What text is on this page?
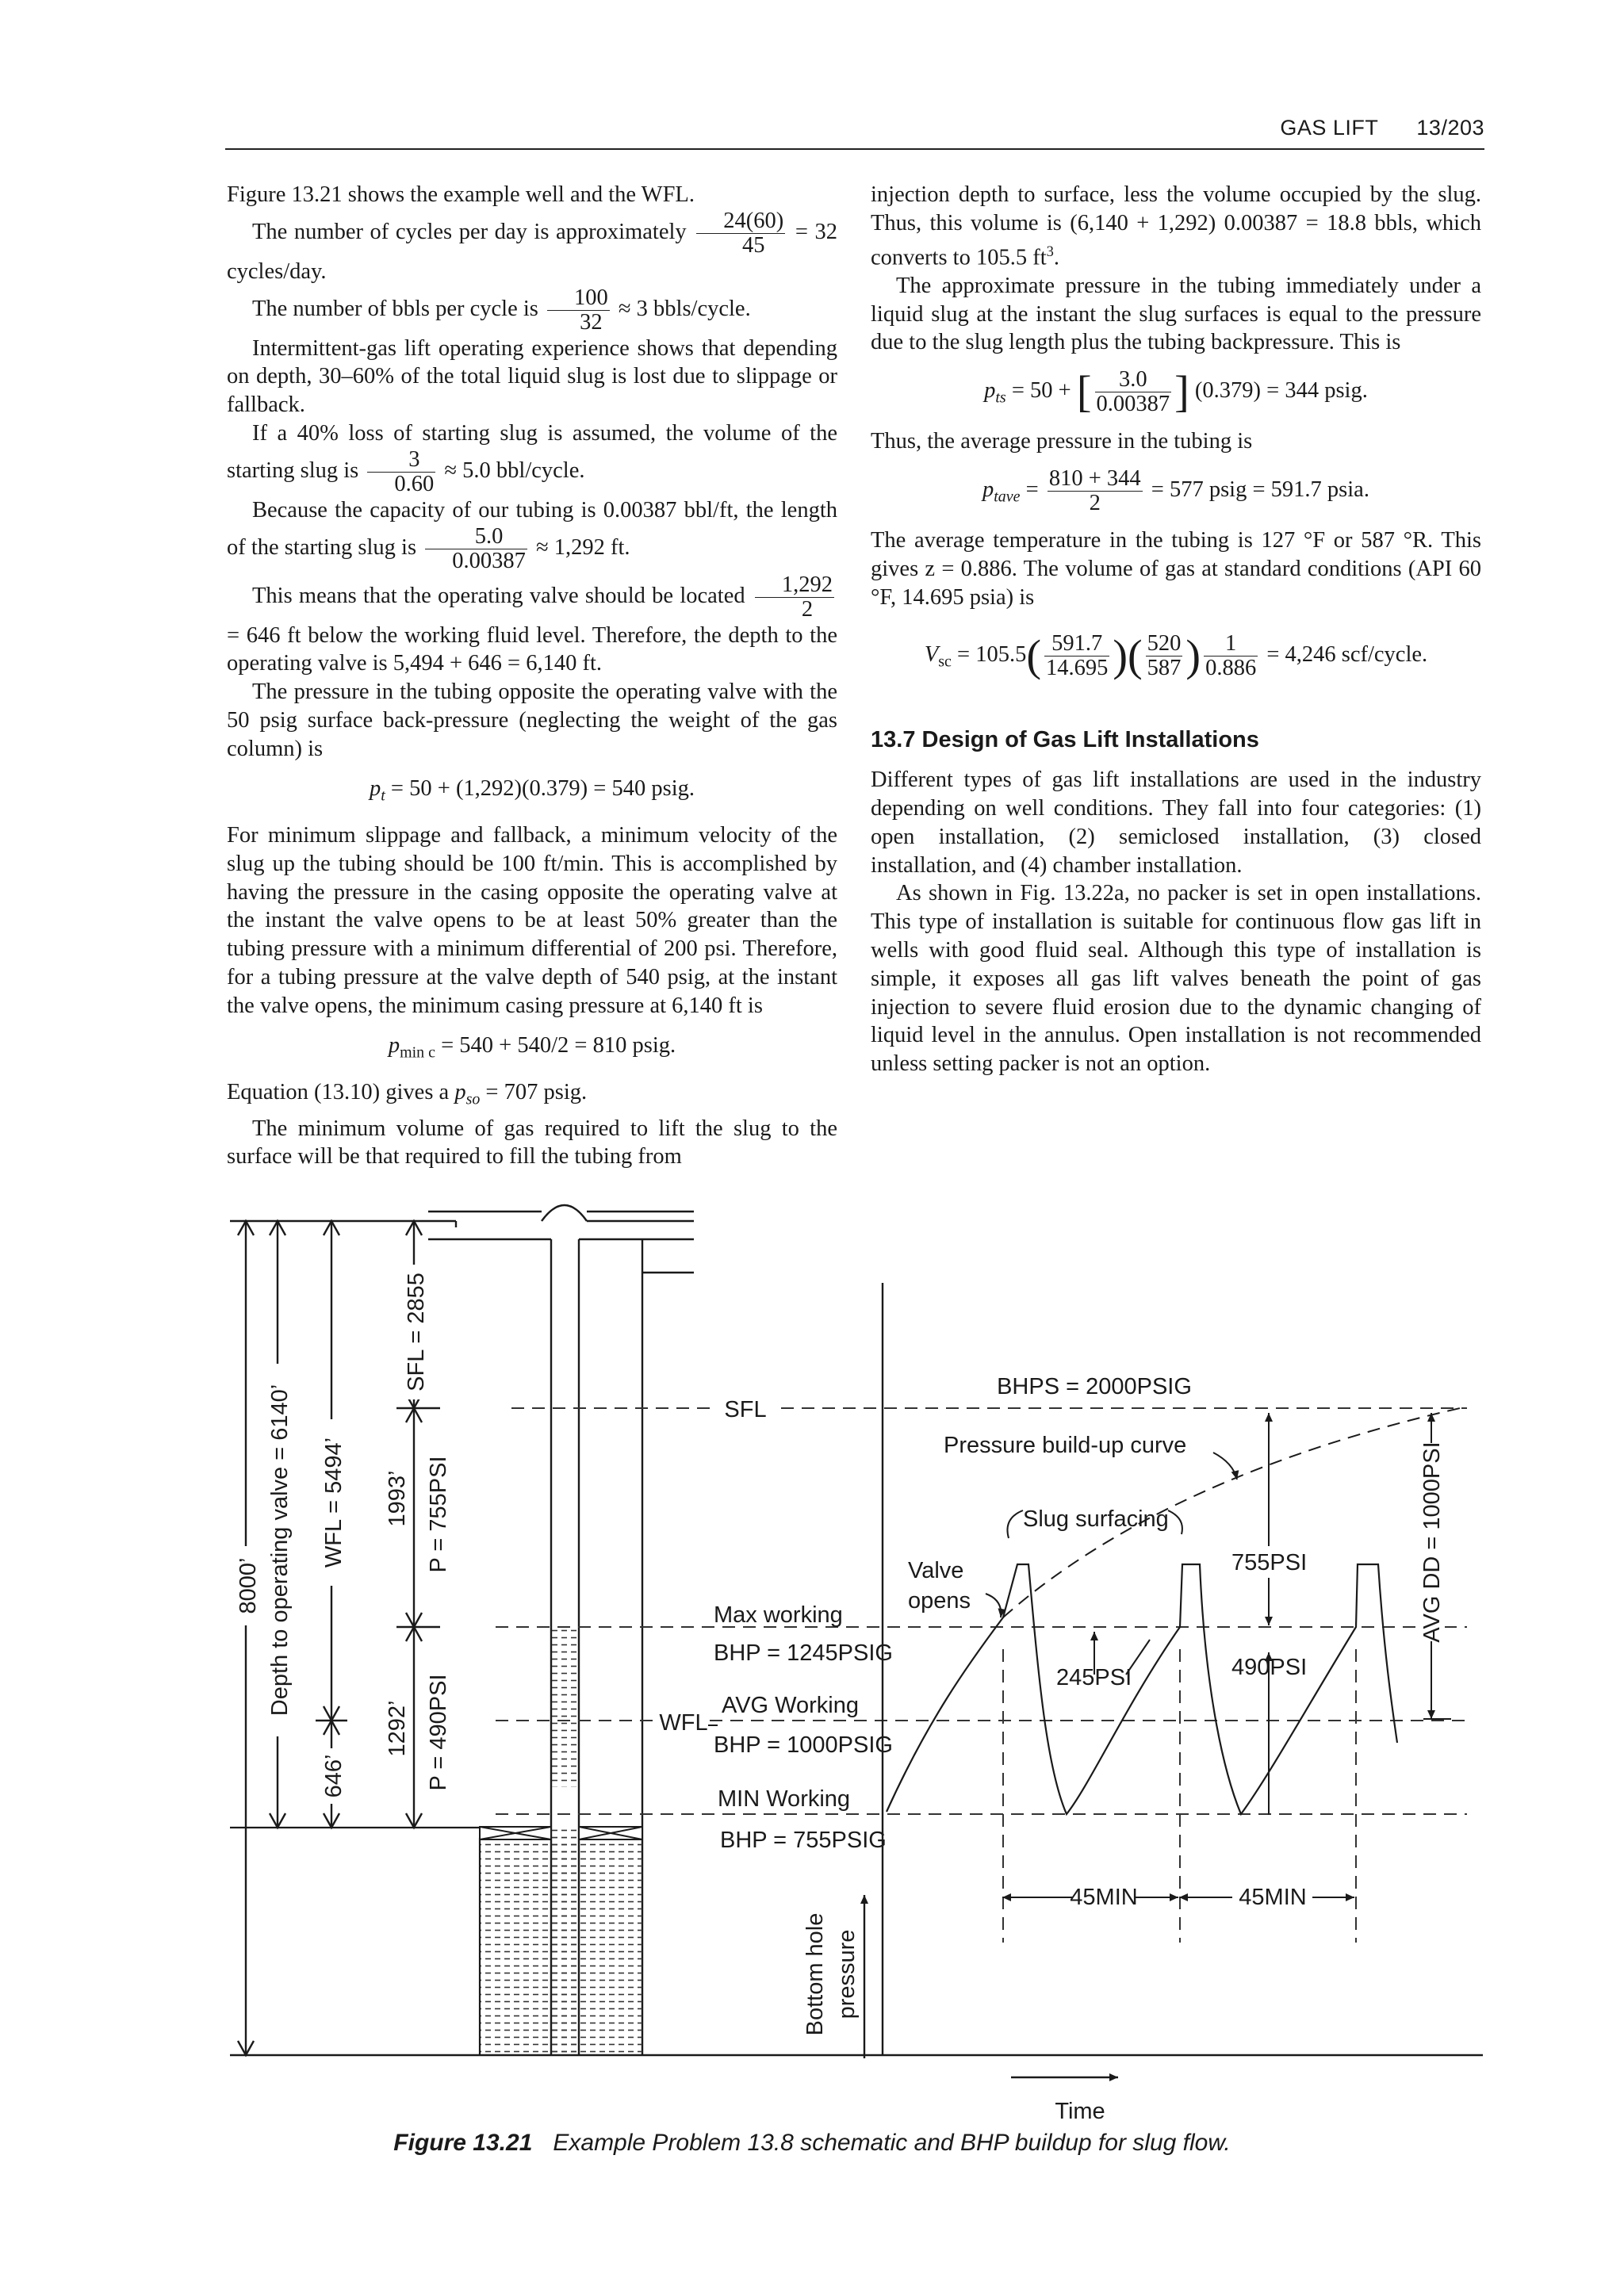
GAS LIFT 13/203

Figure 13.21 shows the example well and the WFL.

The number of cycles per day is approximately $\frac{24(60)}{45} = 32$ cycles/day.

The number of bbls per cycle is $\frac{100}{32} \approx 3$ bbls/cycle.

Intermittent-gas lift operating experience shows that depending on depth, 30–60% of the total liquid slug is lost due to slippage or fallback.

If a 40% loss of starting slug is assumed, the volume of the starting slug is $\frac{3}{0.60} \approx 5.0$ bbl/cycle.

Because the capacity of our tubing is 0.00387 bbl/ft, the length of the starting slug is $\frac{5.0}{0.00387} \approx 1,292$ ft.

This means that the operating valve should be located $\frac{1,292}{2}$
= 646 ft below the working fluid level. Therefore, the depth to the operating valve is 5,494 + 646 = 6,140 ft.

The pressure in the tubing opposite the operating valve with the 50 psig surface back-pressure (neglecting the weight of the gas column) is

$p_t = 50 + (1,292)(0.379) = 540$ psig.

For minimum slippage and fallback, a minimum velocity of the slug up the tubing should be 100 ft/min. This is accomplished by having the pressure in the casing opposite the operating valve at the instant the valve opens to be at least 50% greater than the tubing pressure with a minimum differential of 200 psi. Therefore, for a tubing pressure at the valve depth of 540 psig, at the instant the valve opens, the minimum casing pressure at 6,140 ft is

$p_{min c} = 540 + 540/2 = 810$ psig.

Equation (13.10) gives a $p_{so} = 707$ psig.

The minimum volume of gas required to lift the slug to the surface will be that required to fill the tubing from

injection depth to surface, less the volume occupied by the slug. Thus, this volume is (6,140 + 1,292) 0.00387 = 18.8 bbls, which converts to 105.5 $ft^3$.

The approximate pressure in the tubing immediately under a liquid slug at the instant the slug surfaces is equal to the pressure due to the slug length plus the tubing backpressure. This is

$p_{ts} = 50$ + [ $\frac{3.0}{0.00387}$ ] (0.379) = 344 psig.

Thus, the average pressure in the tubing is

$p_{tave} = \frac{810 + 344}{2} = 577$ psig = 591.7 psia.

The average temperature in the tubing is 127 °F or 587 °R. This gives z = 0.886. The volume of gas at standard conditions (API 60 °F, 14.695 psia) is

$V_{sc} = 105.5( \frac{591.7}{14.695}$ )( $\frac{520}{587}$ ) $\frac{1}{0.886} = 4,246$ scf/cycle.

13.7 Design of Gas Lift Installations

Different types of gas lift installations are used in the industry depending on well conditions. They fall into four categories: (1) open installation, (2) semiclosed installation, (3) closed installation, and (4) chamber installation.

As shown in Fig. 13.22a, no packer is set in open installations. This type of installation is suitable for continuous flow gas lift in wells with good fluid seal. Although this type of installation is simple, it exposes all gas lift valves beneath the point of gas injection to severe fluid erosion due to the dynamic changing of liquid level in the annulus. Open installation is not recommended unless setting packer is not an option.

8000’ Depth to operating valve = 6140’ WFL = 5494’
646’
SFL = 2855
1993’ P = 755PSI
1292’ P = 490PSI
SFL
WFL
Max working
BHP = 1245PSIG
AVG Working
BHP = 1000PSIG
MIN Working
BHP = 755PSIG
Bottom hole pressure
Time
BHPS = 2000PSIG
Pressure build-up curve
Slug surfacing
Valve
opens
755PSI
245PSI	490PSI
AVG DD = 1000PSI
45MIN	45MIN
Figure 13.21 Example Problem 13.8 schematic and BHP buildup for slug flow.
